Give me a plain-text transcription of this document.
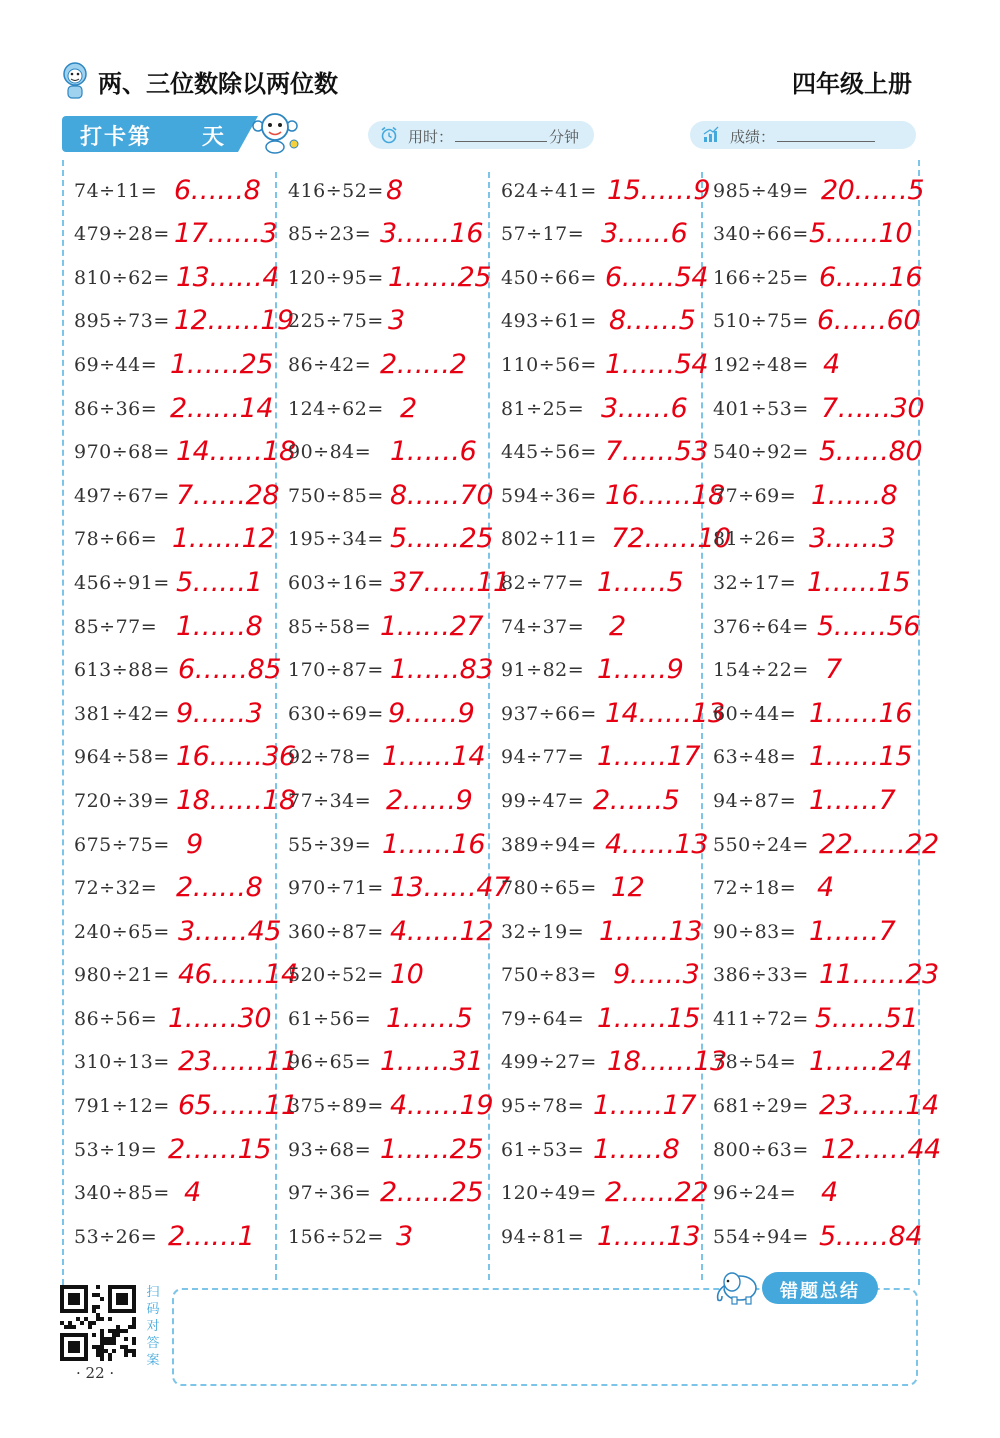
两、三位数除以两位数	四年级上册
打卡第 天	用时：	分钟	成绩：
74÷11= 6……8
479÷28= 17……3
810÷62= 13……4
895÷73= 12……19
69÷44= 1……25
86÷36= 2……14
970÷68= 14……18
497÷67= 7……28
78÷66= 1……12
456÷91= 5……1
85÷77= 1……8
613÷88= 6……85
381÷42= 9……3
964÷58= 16……36
720÷39= 18……18
675÷75= 9
72÷32= 2……8
240÷65= 3……45
980÷21= 46……14
86÷56= 1……30
310÷13= 23……11
791÷12= 65……11
53÷19= 2……15
340÷85= 4
53÷26= 2……1
416÷52= 8
85÷23= 3……16
120÷95= 1……25
225÷75= 3
86÷42= 2……2
124÷62= 2
90÷84= 1……6
750÷85= 8……70
195÷34= 5……25
603÷16= 37……11
85÷58= 1……27
170÷87= 1……83
630÷69= 9……9
92÷78= 1……14
77÷34= 2……9
55÷39= 1……16
970÷71= 13……47
360÷87= 4……12
520÷52= 10
61÷56= 1……5
96÷65= 1……31
375÷89= 4……19
93÷68= 1……25
97÷36= 2……25
156÷52= 3
624÷41= 15……9
57÷17= 3……6
450÷66= 6……54
493÷61= 8……5
110÷56= 1……54
81÷25= 3……6
445÷56= 7……53
594÷36= 16……18
802÷11= 72……10
82÷77= 1……5
74÷37= 2
91÷82= 1……9
937÷66= 14……13
94÷77= 1……17
99÷47= 2……5
389÷94= 4……13
780÷65= 12
32÷19= 1……13
750÷83= 9……3
79÷64= 1……15
499÷27= 18……13
95÷78= 1……17
61÷53= 1……8
120÷49= 2……22
94÷81= 1……13
985÷49= 20……5
340÷66= 5……10
166÷25= 6……16
510÷75= 6……60
192÷48= 4
401÷53= 7……30
540÷92= 5……80
77÷69= 1……8
81÷26= 3……3
32÷17= 1……15
376÷64= 5……56
154÷22= 7
60÷44= 1……16
63÷48= 1……15
94÷87= 1……7
550÷24= 22……22
72÷18= 4
90÷83= 1……7
386÷33= 11……23
411÷72= 5……51
78÷54= 1……24
681÷29= 23……14
800÷63= 12……44
96÷24= 4
554÷94= 5……84
扫码对答案
· 22 ·
错题总结
